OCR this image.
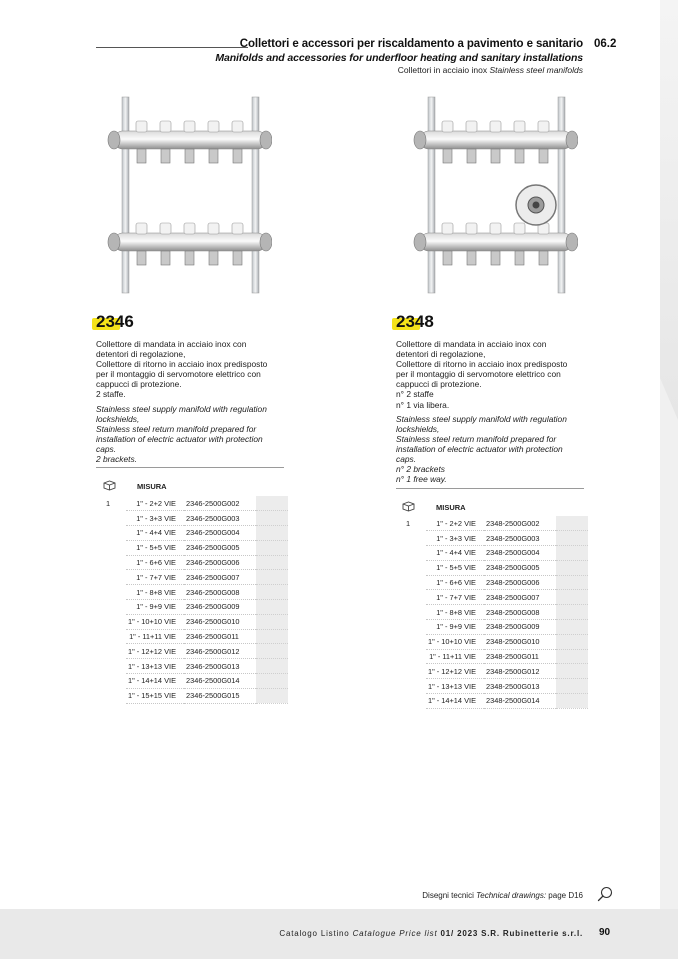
Collettori e accessori per riscaldamento a pavimento e sanitario 06.2
Manifolds and accessories for underfloor heating and sanitary installations
Collettori in acciaio inox Stainless steel manifolds
2346

Collettore di mandata in acciaio inox con

detentori di regolazione,

Collettore di ritorno in acciaio inox predisposto

per il montaggio di servomotore elettrico con

cappucci di protezione.

2 staffe.

Stainless steel supply manifold with regulation

lockshields,

Stainless steel return manifold prepared for

installation of electric actuator with protection

caps.

2 brackets.

MISURA
1	1" - 2+2 VIE	2346-2500G002	
	1" - 3+3 VIE	2346-2500G003	
	1" - 4+4 VIE	2346-2500G004	
	1" - 5+5 VIE	2346-2500G005	
	1" - 6+6 VIE	2346-2500G006	
	1" - 7+7 VIE	2346-2500G007	
	1" - 8+8 VIE	2346-2500G008	
	1" - 9+9 VIE	2346-2500G009	
	1" - 10+10 VIE	2346-2500G010	
	1" - 11+11 VIE	2346-2500G011	
	1" - 12+12 VIE	2346-2500G012	
	1" - 13+13 VIE	2346-2500G013	
	1" - 14+14 VIE	2346-2500G014	
	1" - 15+15 VIE	2346-2500G015	
2348

Collettore di mandata in acciaio inox con

detentori di regolazione,

Collettore di ritorno in acciaio inox predisposto

per il montaggio di servomotore elettrico con

cappucci di protezione.

n° 2 staffe

n° 1 via libera.

Stainless steel supply manifold with regulation

lockshields,

Stainless steel return manifold prepared for

installation of electric actuator with protection

caps.

n° 2 brackets

n° 1 free way.

MISURA
1	1" - 2+2 VIE	2348-2500G002	
	1" - 3+3 VIE	2348-2500G003	
	1" - 4+4 VIE	2348-2500G004	
	1" - 5+5 VIE	2348-2500G005	
	1" - 6+6 VIE	2348-2500G006	
	1" - 7+7 VIE	2348-2500G007	
	1" - 8+8 VIE	2348-2500G008	
	1" - 9+9 VIE	2348-2500G009	
	1" - 10+10 VIE	2348-2500G010	
	1" - 11+11 VIE	2348-2500G011	
	1" - 12+12 VIE	2348-2500G012	
	1" - 13+13 VIE	2348-2500G013	
	1" - 14+14 VIE	2348-2500G014	
Disegni tecnici Technical drawings: page D16
Catalogo Listino Catalogue Price list 01/ 2023 S.R. Rubinetterie s.r.l. 90
